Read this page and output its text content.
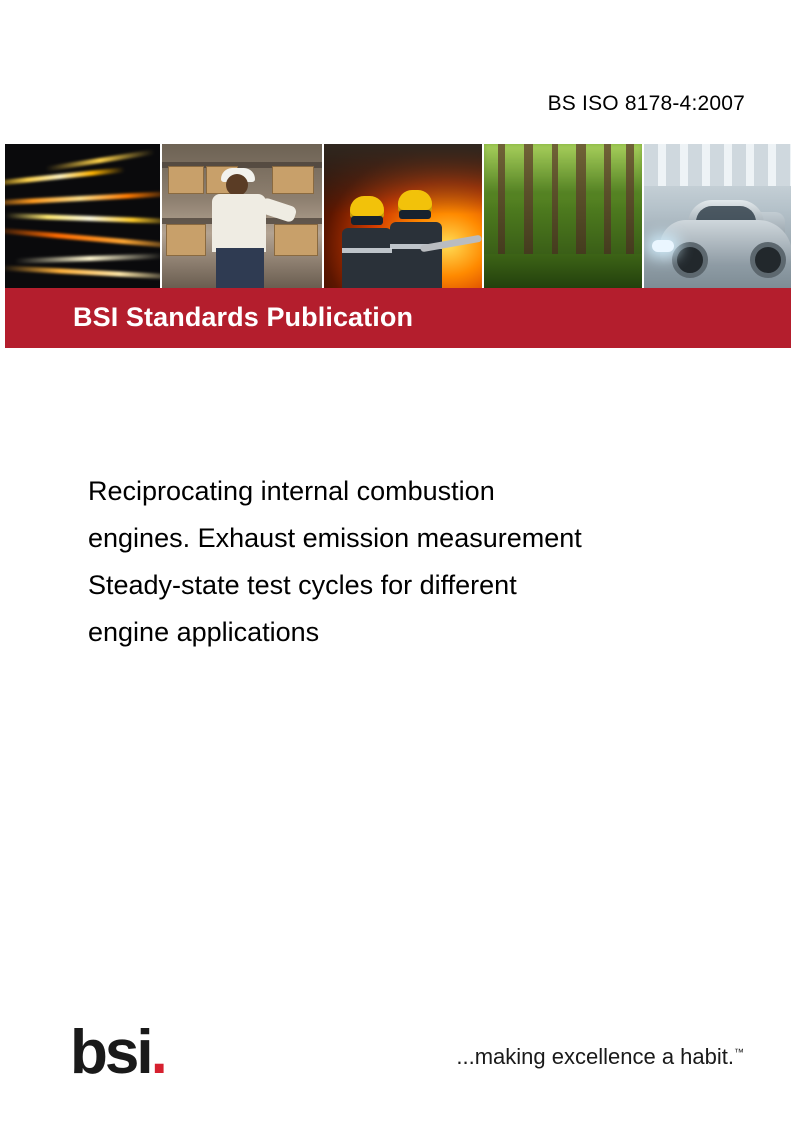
BS ISO 8178-4:2007
BSI Standards Publication
Reciprocating internal combustion
engines. Exhaust emission measurement
Steady-state test cycles for different
engine applications
bsi.	...making excellence a habit.™
